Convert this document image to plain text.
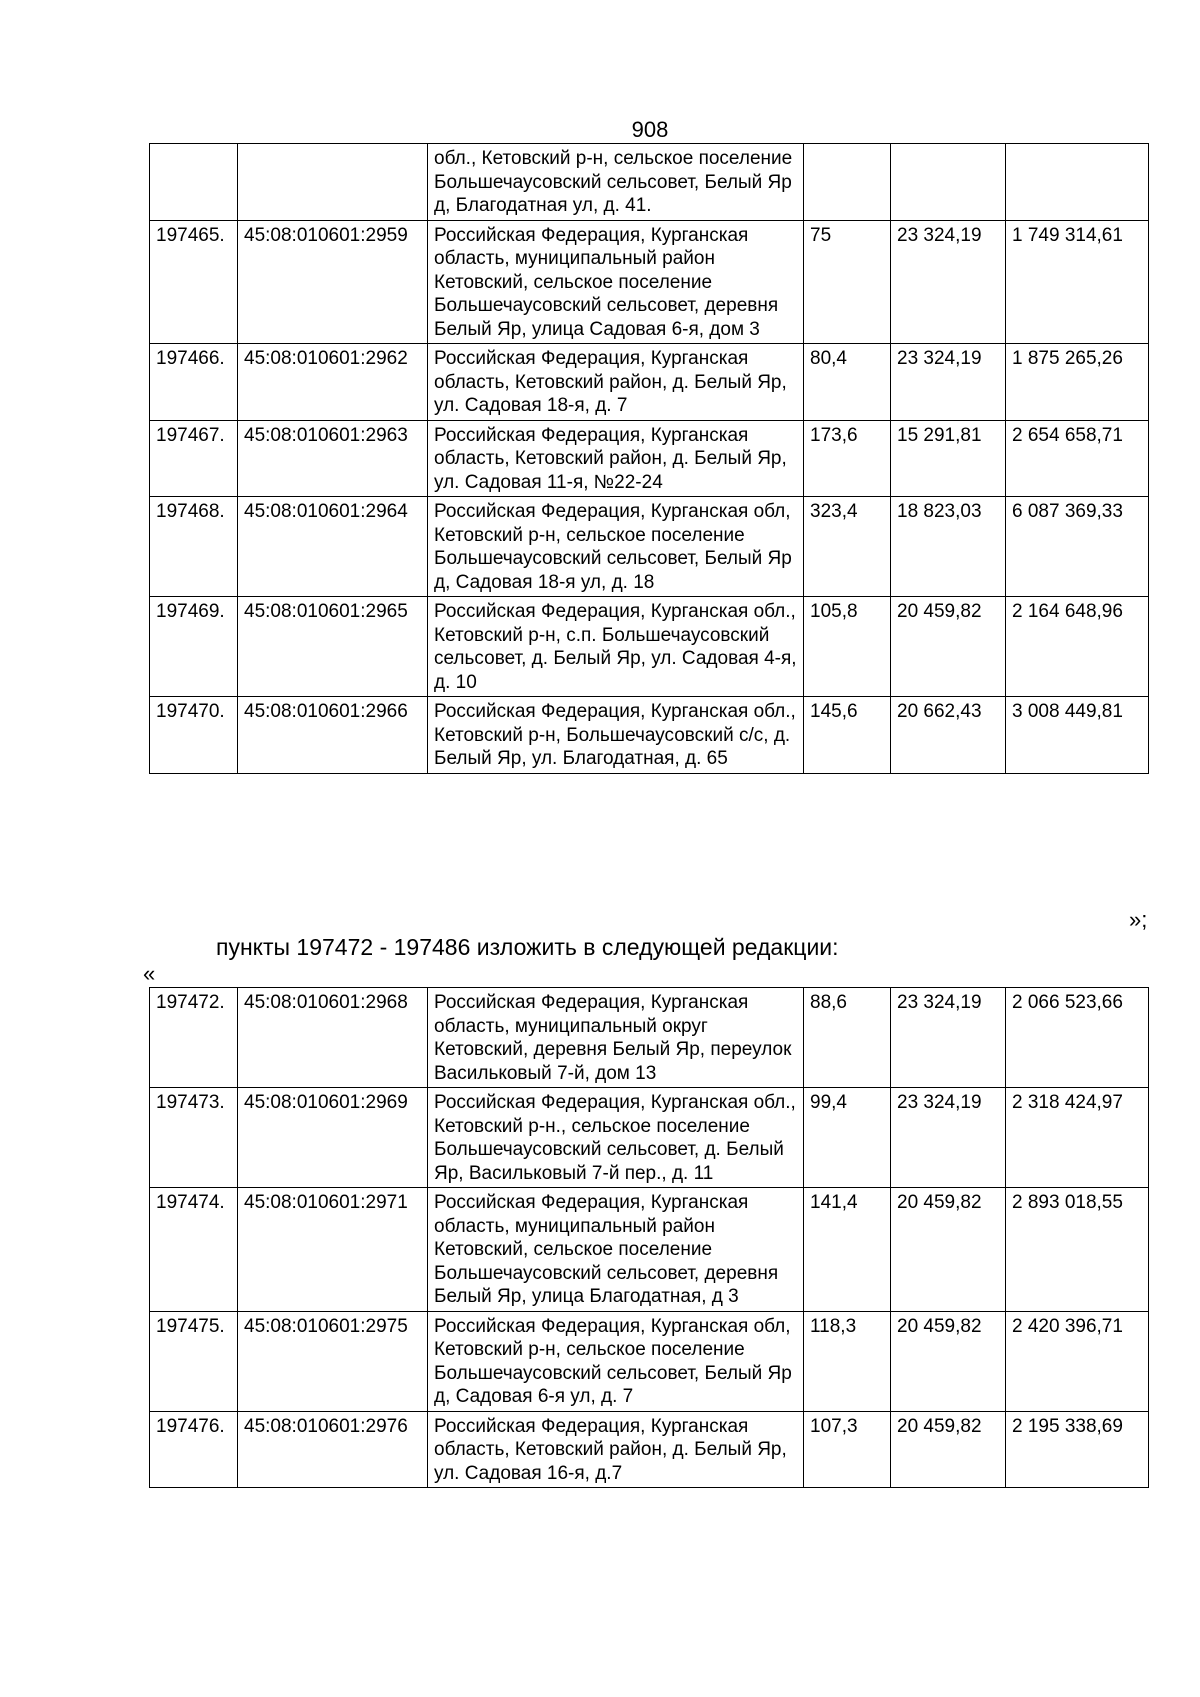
908
		обл., Кетовский р-н, сельское поселение Большечаусовский сельсовет, Белый Яр д, Благодатная ул, д. 41.			
197465.	45:08:010601:2959	Российская Федерация, Курганская область, муниципальный район Кетовский, сельское поселение Большечаусовский сельсовет, деревня Белый Яр, улица Садовая 6-я, дом 3	75	23 324,19	1 749 314,61
197466.	45:08:010601:2962	Российская Федерация, Курганская область, Кетовский район, д. Белый Яр, ул. Садовая 18-я, д. 7	80,4	23 324,19	1 875 265,26
197467.	45:08:010601:2963	Российская Федерация, Курганская область, Кетовский район, д. Белый Яр, ул. Садовая 11-я, №22-24	173,6	15 291,81	2 654 658,71
197468.	45:08:010601:2964	Российская Федерация, Курганская обл, Кетовский р-н, сельское поселение Большечаусовский сельсовет, Белый Яр д, Садовая 18-я ул, д. 18	323,4	18 823,03	6 087 369,33
197469.	45:08:010601:2965	Российская Федерация, Курганская обл., Кетовский р-н, с.п. Большечаусовский сельсовет, д. Белый Яр, ул. Садовая 4-я, д. 10	105,8	20 459,82	2 164 648,96
197470.	45:08:010601:2966	Российская Федерация, Курганская обл., Кетовский р-н, Большечаусовский с/с, д. Белый Яр, ул. Благодатная, д. 65	145,6	20 662,43	3 008 449,81
»;
пункты 197472 - 197486 изложить в следующей редакции:
«
197472.	45:08:010601:2968	Российская Федерация, Курганская область, муниципальный округ Кетовский, деревня Белый Яр, переулок Васильковый 7-й, дом 13	88,6	23 324,19	2 066 523,66
197473.	45:08:010601:2969	Российская Федерация, Курганская обл., Кетовский р-н., сельское поселение Большечаусовский сельсовет, д. Белый Яр, Васильковый 7-й пер., д. 11	99,4	23 324,19	2 318 424,97
197474.	45:08:010601:2971	Российская Федерация, Курганская область, муниципальный район Кетовский, сельское поселение Большечаусовский сельсовет, деревня Белый Яр, улица Благодатная, д 3	141,4	20 459,82	2 893 018,55
197475.	45:08:010601:2975	Российская Федерация, Курганская обл, Кетовский р-н, сельское поселение Большечаусовский сельсовет, Белый Яр д, Садовая 6-я ул, д. 7	118,3	20 459,82	2 420 396,71
197476.	45:08:010601:2976	Российская Федерация, Курганская область, Кетовский район, д. Белый Яр, ул. Садовая 16-я, д.7	107,3	20 459,82	2 195 338,69
